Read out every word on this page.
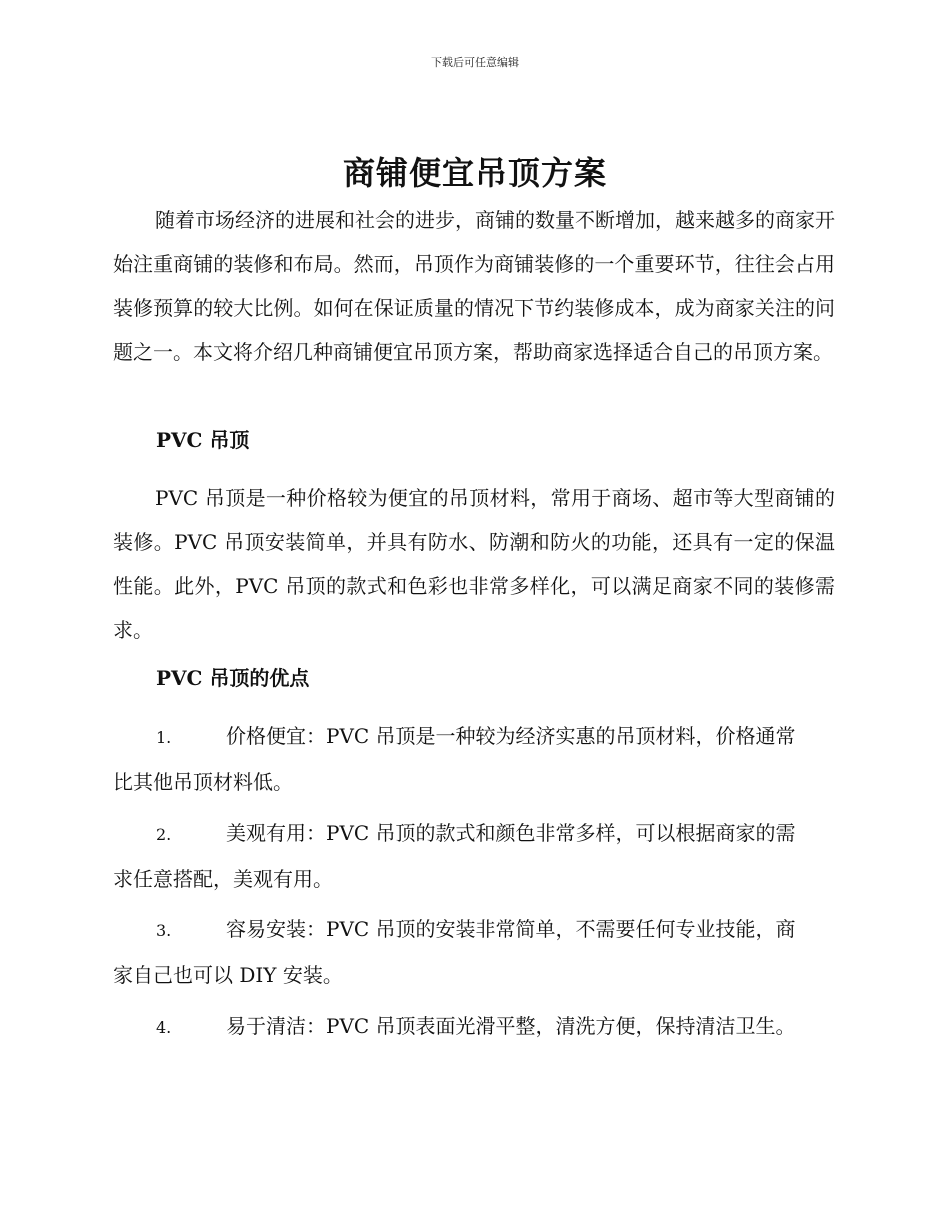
下载后可任意编辑
商铺便宜吊顶方案

随着市场经济的进展和社会的进步，商铺的数量不断增加，越来越多的商家开始注重商铺的装修和布局。然而，吊顶作为商铺装修的一个重要环节，往往会占用装修预算的较大比例。如何在保证质量的情况下节约装修成本，成为商家关注的问题之一。本文将介绍几种商铺便宜吊顶方案，帮助商家选择适合自己的吊顶方案。

PVC 吊顶

PVC 吊顶是一种价格较为便宜的吊顶材料，常用于商场、超市等大型商铺的装修。PVC 吊顶安装简单，并具有防水、防潮和防火的功能，还具有一定的保温性能。此外，PVC 吊顶的款式和色彩也非常多样化，可以满足商家不同的装修需求。

PVC 吊顶的优点
1.	价格便宜：PVC 吊顶是一种较为经济实惠的吊顶材料，价格通常
比其他吊顶材料低。
2.	美观有用：PVC 吊顶的款式和颜色非常多样，可以根据商家的需
求任意搭配，美观有用。
3.	容易安装：PVC 吊顶的安装非常简单，不需要任何专业技能，商
家自己也可以 DIY 安装。
4.	易于清洁：PVC 吊顶表面光滑平整，清洗方便，保持清洁卫生。
